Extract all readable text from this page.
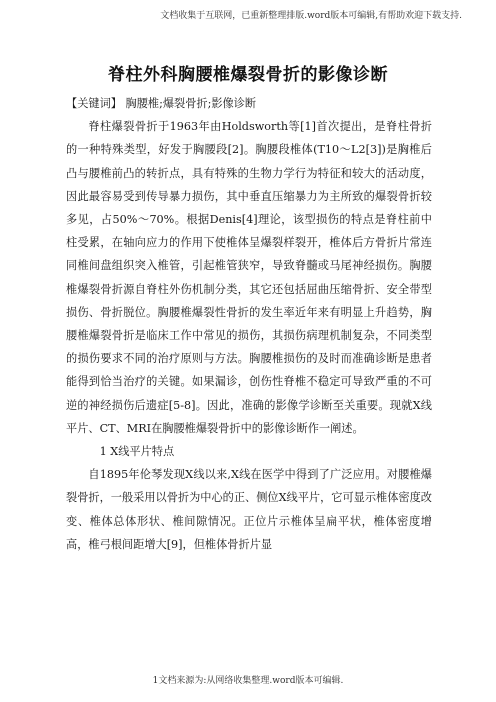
文档收集于互联网，已重新整理排版.word版本可编辑,有帮助欢迎下载支持.
脊柱外科胸腰椎爆裂骨折的影像诊断

【关键词】 胸腰椎;爆裂骨折;影像诊断

脊柱爆裂骨折于1963年由Holdsworth等[1]首次提出，是脊柱骨折的一种特殊类型，好发于胸腰段[2]。胸腰段椎体(T10～L2[3])是胸椎后凸与腰椎前凸的转折点，具有特殊的生物力学行为特征和较大的活动度，因此最容易受到传导暴力损伤，其中垂直压缩暴力为主所致的爆裂骨折较多见，占50%～70%。根据Denis[4]理论，该型损伤的特点是脊柱前中柱受累，在轴向应力的作用下使椎体呈爆裂样裂开，椎体后方骨折片常连同椎间盘组织突入椎管，引起椎管狭窄，导致脊髓或马尾神经损伤。胸腰椎爆裂骨折源自脊柱外伤机制分类，其它还包括屈曲压缩骨折、安全带型损伤、骨折脱位。胸腰椎爆裂性骨折的发生率近年来有明显上升趋势，胸腰椎爆裂骨折是临床工作中常见的损伤，其损伤病理机制复杂，不同类型的损伤要求不同的治疗原则与方法。胸腰椎损伤的及时而准确诊断是患者能得到恰当治疗的关键。如果漏诊，创伤性脊椎不稳定可导致严重的不可逆的神经损伤后遗症[5-8]。因此，准确的影像学诊断至关重要。现就X线平片、CT、MRI在胸腰椎爆裂骨折中的影像诊断作一阐述。

1 X线平片特点

自1895年伦琴发现X线以来,X线在医学中得到了广泛应用。对腰椎爆裂骨折，一般采用以骨折为中心的正、侧位X线平片，它可显示椎体密度改变、椎体总体形状、椎间隙情况。正位片示椎体呈扁平状，椎体密度增高，椎弓根间距增大[9]，但椎体骨折片显

1文档来源为:从网络收集整理.word版本可编辑.
